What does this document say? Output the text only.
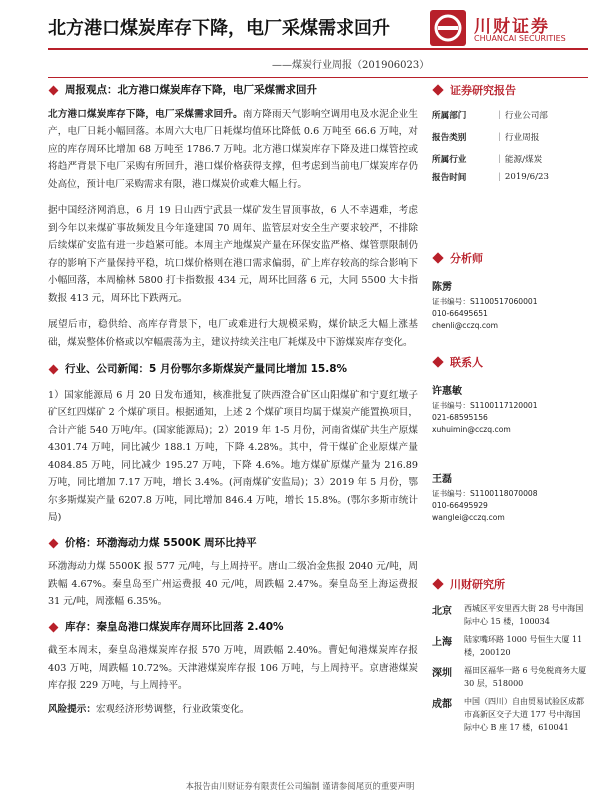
北方港口煤炭库存下降，电厂采煤需求回升	川财证券
CHUANCAI SECURITIES
——煤炭行业周报（201906023）
周报观点：北方港口煤炭库存下降，电厂采煤需求回升

北方港口煤炭库存下降，电厂采煤需求回升。南方降雨天气影响空调用电及水泥企业生产，电厂日耗小幅回落。本周六大电厂日耗煤均值环比降低 0.6 万吨至 66.6 万吨，对应的库存周环比增加 68 万吨至 1786.7 万吨。北方港口煤炭库存下降及进口煤管控或将趋严背景下电厂采购有所回升，港口煤价格获得支撑，但考虑到当前电厂煤炭库存仍处高位，预计电厂采购需求有限，港口煤炭价或难大幅上行。

据中国经济网消息，6 月 19 日山西宁武县一煤矿发生冒顶事故，6 人不幸遇难，考虑到今年以来煤矿事故频发且今年逢建国 70 周年、监管层对安全生产要求较严，不排除后续煤矿安监有进一步趋紧可能。本周主产地煤炭产量在环保安监严格、煤管票限制仍存的影响下产量保持平稳，坑口煤价格则在港口需求偏弱，矿上库存较高的综合影响下小幅回落，本周榆林 5800 打卡指数报 434 元，周环比回落 6 元，大同 5500 大卡指数报 413 元，周环比下跌两元。

展望后市，稳供给、高库存背景下，电厂或难进行大规模采购，煤价缺乏大幅上涨基础，煤炭整体价格或以窄幅震荡为主，建议持续关注电厂耗煤及中下游煤炭库存变化。

行业、公司新闻：5 月份鄂尔多斯煤炭产量同比增加 15.8%

1）国家能源局 6 月 20 日发布通知，核准批复了陕西澄合矿区山阳煤矿和宁夏红墩子矿区红四煤矿 2 个煤矿项目。根据通知，上述 2 个煤矿项目均属于煤炭产能置换项目，合计产能 540 万吨/年。(国家能源局)；2）2019 年 1-5 月份，河南省煤矿共生产原煤 4301.74 万吨，同比减少 188.1 万吨，下降 4.28%。其中，骨干煤矿企业原煤产量 4084.85 万吨，同比减少 195.27 万吨，下降 4.6%。地方煤矿原煤产量为 216.89 万吨，同比增加 7.17 万吨，增长 3.4%。(河南煤矿安监局)；3）2019 年 5 月份，鄂尔多斯煤炭产量 6207.8 万吨，同比增加 846.4 万吨，增长 15.8%。(鄂尔多斯市统计局)

价格：环渤海动力煤 5500K 周环比持平

环渤海动力煤 5500K 报 577 元/吨，与上周持平。唐山二级冶金焦报 2040 元/吨，周跌幅 4.67%。秦皇岛至广州运费报 40 元/吨，周跌幅 2.47%。秦皇岛至上海运费报 31 元/吨，周涨幅 6.35%。

库存：秦皇岛港口煤炭库存周环比回落 2.40%

截至本周末，秦皇岛港煤炭库存报 570 万吨，周跌幅 2.40%。曹妃甸港煤炭库存报 403 万吨，周跌幅 10.72%。天津港煤炭库存报 106 万吨，与上周持平。京唐港煤炭库存报 229 万吨，与上周持平。

风险提示：宏观经济形势调整，行业政策变化。

证券研究报告
所属部门	| 行业公司部
报告类别	| 行业周报
所属行业	| 能源/煤炭
报告时间	| 2019/6/23
分析师
陈雳
证书编号：S1100517060001
010-66495651
chenli@cczq.com
联系人
许惠敏
证书编号：S1100117120001
021-68595156
xuhuimin@cczq.com
王磊
证书编号：S1100118070008
010-66495929
wanglei@cczq.com
川财研究所
北京	西城区平安里西大街 28 号中海国际中心 15 楼，100034
上海	陆家嘴环路 1000 号恒生大厦 11 楼，200120
深圳	福田区福华一路 6 号免税商务大厦 30 层，518000
成都	中国（四川）自由贸易试验区成都市高新区交子大道 177 号中海国际中心 B 座 17 楼，610041
本报告由川财证券有限责任公司编制 谨请参阅尾页的重要声明
